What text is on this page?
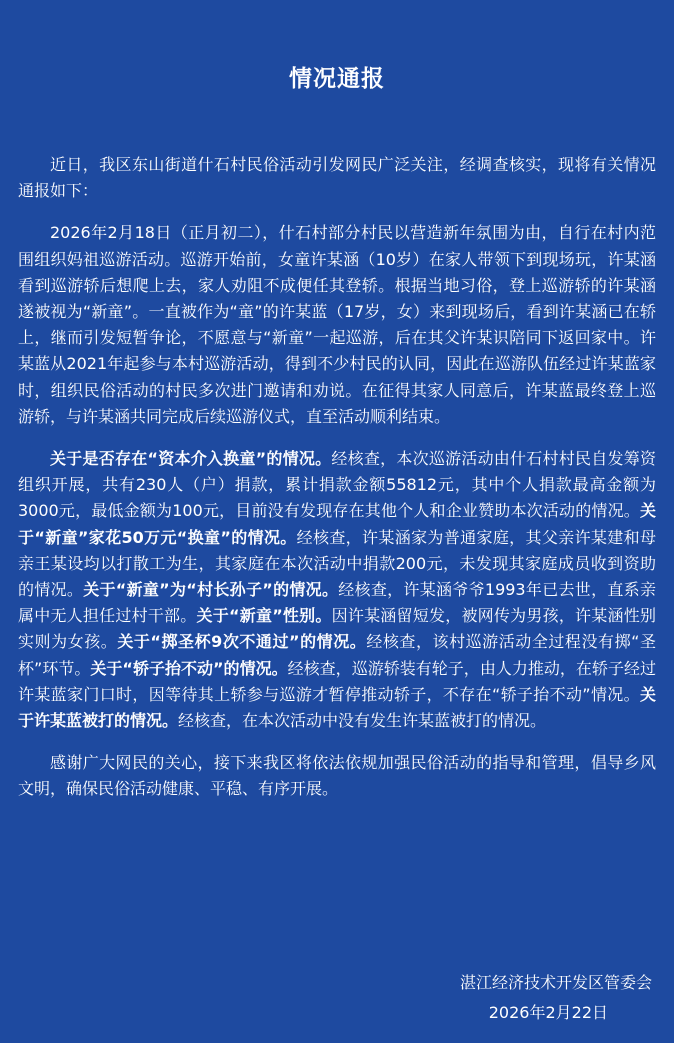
情况通报

近日，我区东山街道什石村民俗活动引发网民广泛关注，经调查核实，现将有关情况通报如下：

2026年2月18日（正月初二），什石村部分村民以营造新年氛围为由，自行在村内范围组织妈祖巡游活动。巡游开始前，女童许某涵（10岁）在家人带领下到现场玩，许某涵看到巡游轿后想爬上去，家人劝阻不成便任其登轿。根据当地习俗，登上巡游轿的许某涵遂被视为“新童”。一直被作为“童”的许某蓝（17岁，女）来到现场后，看到许某涵已在轿上，继而引发短暂争论，不愿意与“新童”一起巡游，后在其父许某识陪同下返回家中。许某蓝从2021年起参与本村巡游活动，得到不少村民的认同，因此在巡游队伍经过许某蓝家时，组织民俗活动的村民多次进门邀请和劝说。在征得其家人同意后，许某蓝最终登上巡游轿，与许某涵共同完成后续巡游仪式，直至活动顺利结束。

关于是否存在“资本介入换童”的情况。经核查，本次巡游活动由什石村村民自发筹资组织开展，共有230人（户）捐款，累计捐款金额55812元，其中个人捐款最高金额为3000元，最低金额为100元，目前没有发现存在其他个人和企业赞助本次活动的情况。关于“新童”家花50万元“换童”的情况。经核查，许某涵家为普通家庭，其父亲许某建和母亲王某设均以打散工为生，其家庭在本次活动中捐款200元，未发现其家庭成员收到资助的情况。关于“新童”为“村长孙子”的情况。经核查，许某涵爷爷1993年已去世，直系亲属中无人担任过村干部。关于“新童”性别。因许某涵留短发，被网传为男孩，许某涵性别实则为女孩。关于“掷圣杯9次不通过”的情况。经核查，该村巡游活动全过程没有掷“圣杯”环节。关于“轿子抬不动”的情况。经核查，巡游轿装有轮子，由人力推动，在轿子经过许某蓝家门口时，因等待其上轿参与巡游才暂停推动轿子，不存在“轿子抬不动”情况。关于许某蓝被打的情况。经核查，在本次活动中没有发生许某蓝被打的情况。

感谢广大网民的关心，接下来我区将依法依规加强民俗活动的指导和管理，倡导乡风文明，确保民俗活动健康、平稳、有序开展。

湛江经济技术开发区管委会
2026年2月22日
